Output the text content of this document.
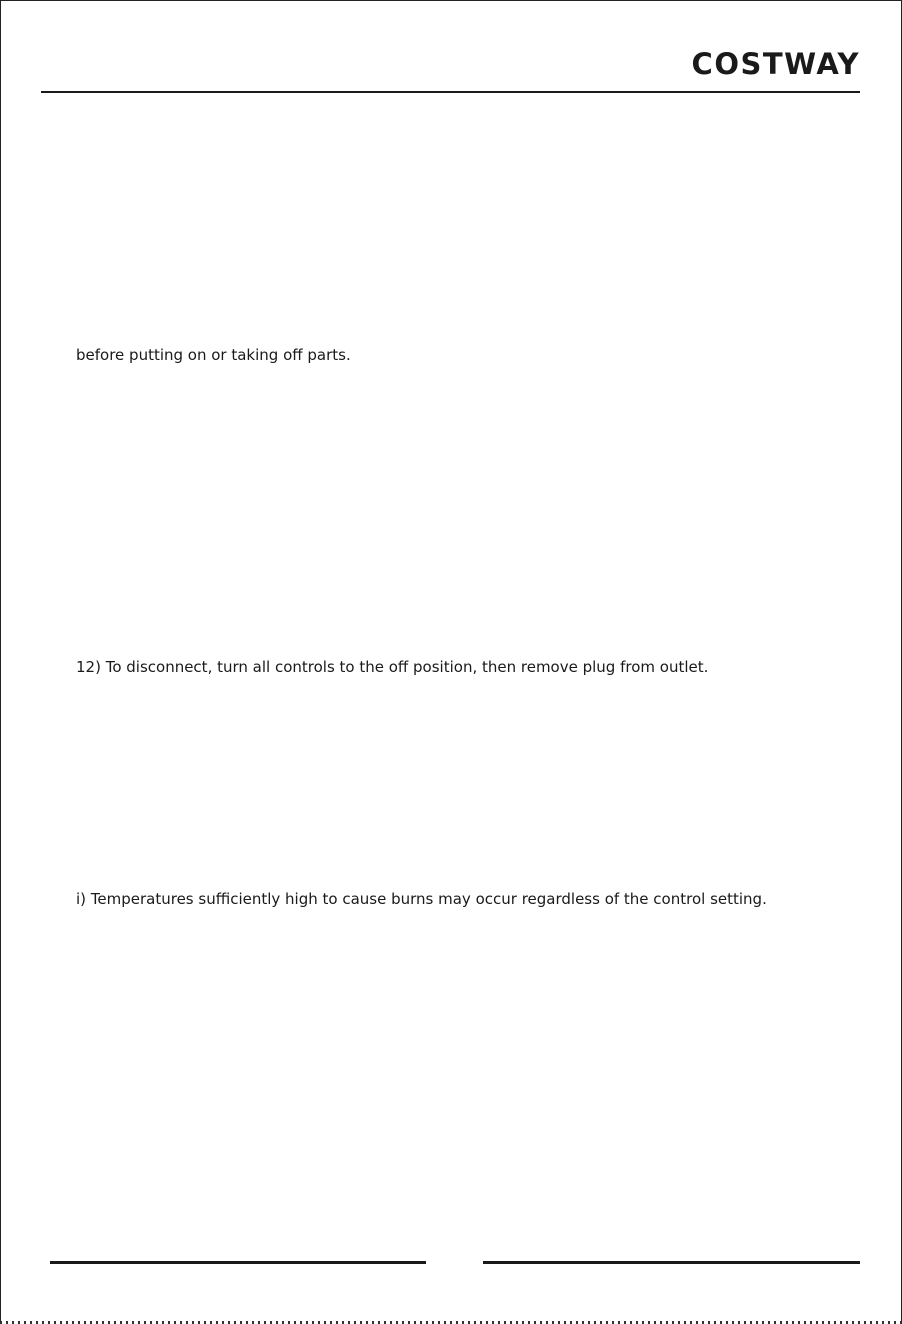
COSTWAY
before putting on or taking off parts.
12) To disconnect, turn all controls to the off position, then remove plug from outlet.
i) Temperatures sufficiently high to cause burns may occur regardless of the control setting.
